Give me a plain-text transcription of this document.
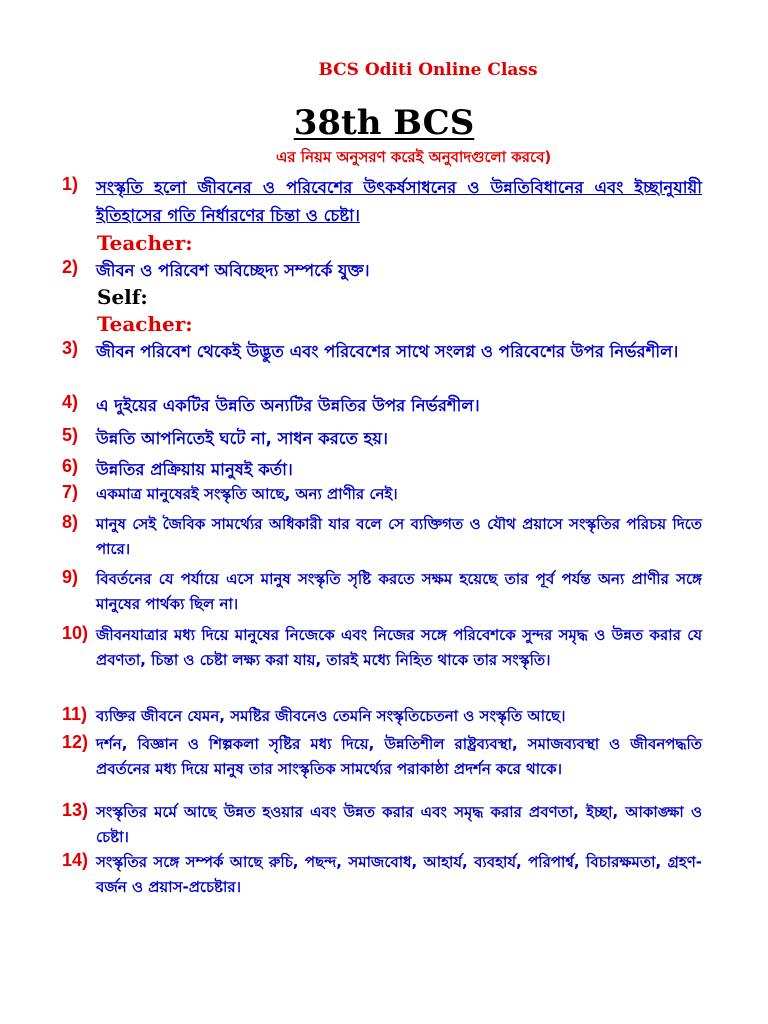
BCS Oditi Online Class
38th BCS
এর নিয়ম অনুসরণ করেই অনুবাদগুলো করবে)
1) সংস্কৃতি হলো জীবনের ও পরিবেশের উৎকর্ষসাধনের ও উন্নতিবিধানের এবং ইচ্ছানুযায়ী ইতিহাসের গতি নির্ধারণের চিন্তা ও চেষ্টা।
Teacher:
2) জীবন ও পরিবেশ অবিচ্ছেদ্য সম্পর্কে যুক্ত।
Self:
Teacher:
3) জীবন পরিবেশ থেকেই উদ্ভুত এবং পরিবেশের সাথে সংলগ্ন ও পরিবেশের উপর নির্ভরশীল।
4) এ দুইয়ের একটির উন্নতি অন্যটির উন্নতির উপর নির্ভরশীল।
5) উন্নতি আপনিতেই ঘটে না, সাধন করতে হয়।
6) উন্নতির প্রক্রিয়ায় মানুষই কর্তা।
7) একমাত্র মানুষেরই সংস্কৃতি আছে, অন্য প্রাণীর নেই।
8) মানুষ সেই জৈবিক সামর্থ্যের অধিকারী যার বলে সে ব্যক্তিগত ও যৌথ প্রয়াসে সংস্কৃতির পরিচয় দিতে পারে।
9) বিবর্তনের যে পর্যায়ে এসে মানুষ সংস্কৃতি সৃষ্টি করতে সক্ষম হয়েছে তার পূর্ব পর্যন্ত অন্য প্রাণীর সঙ্গে মানুষের পার্থক্য ছিল না।
10) জীবনযাত্রার মধ্য দিয়ে মানুষের নিজেকে এবং নিজের সঙ্গে পরিবেশকে সুন্দর সমৃদ্ধ ও উন্নত করার যে প্রবণতা, চিন্তা ও চেষ্টা লক্ষ্য করা যায়, তারই মধ্যে নিহিত থাকে তার সংস্কৃতি।
11) ব্যক্তির জীবনে যেমন, সমষ্টির জীবনেও তেমনি সংস্কৃতিচেতনা ও সংস্কৃতি আছে।
12) দর্শন, বিজ্ঞান ও শিল্পকলা সৃষ্টির মধ্য দিয়ে, উন্নতিশীল রাষ্ট্রব্যবস্থা, সমাজব্যবস্থা ও জীবনপদ্ধতি প্রবর্তনের মধ্য দিয়ে মানুষ তার সাংস্কৃতিক সামর্থ্যের পরাকাষ্ঠা প্রদর্শন করে থাকে।
13) সংস্কৃতির মর্মে আছে উন্নত হওয়ার এবং উন্নত করার এবং সমৃদ্ধ করার প্রবণতা, ইচ্ছা, আকাঙ্ক্ষা ও চেষ্টা।
14) সংস্কৃতির সঙ্গে সম্পর্ক আছে রুচি, পছন্দ, সমাজবোধ, আহার্য, ব্যবহার্য, পরিপার্শ্ব, বিচারক্ষমতা, গ্রহণ-বর্জন ও প্রয়াস-প্রচেষ্টার।
